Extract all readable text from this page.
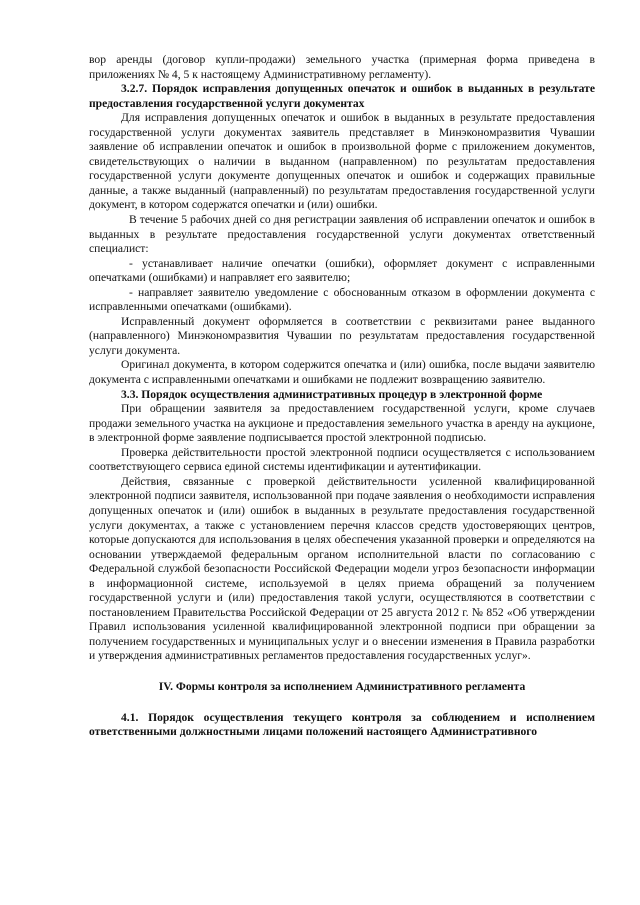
вор аренды (договор купли-продажи) земельного участка (примерная форма приведена в приложениях № 4, 5 к настоящему Административному регламенту).

3.2.7. Порядок исправления допущенных опечаток и ошибок в выданных в результате предоставления государственной услуги документах

Для исправления допущенных опечаток и ошибок в выданных в результате предоставления государственной услуги документах заявитель представляет в Минэкономразвития Чувашии заявление об исправлении опечаток и ошибок в произвольной форме с приложением документов, свидетельствующих о наличии в выданном (направленном) по результатам предоставления государственной услуги документе допущенных опечаток и ошибок и содержащих правильные данные, а также выданный (направленный) по результатам предоставления государственной услуги документ, в котором содержатся опечатки и (или) ошибки.

В течение 5 рабочих дней со дня регистрации заявления об исправлении опечаток и ошибок в выданных в результате предоставления государственной услуги документах ответственный специалист:

- устанавливает наличие опечатки (ошибки), оформляет документ с исправленными опечатками (ошибками) и направляет его заявителю;

- направляет заявителю уведомление с обоснованным отказом в оформлении документа с исправленными опечатками (ошибками).

Исправленный документ оформляется в соответствии с реквизитами ранее выданного (направленного) Минэкономразвития Чувашии по результатам предоставления государственной услуги документа.

Оригинал документа, в котором содержится опечатка и (или) ошибка, после выдачи заявителю документа с исправленными опечатками и ошибками не подлежит возвращению заявителю.

3.3. Порядок осуществления административных процедур в электронной форме

При обращении заявителя за предоставлением государственной услуги, кроме случаев продажи земельного участка на аукционе и предоставления земельного участка в аренду на аукционе, в электронной форме заявление подписывается простой электронной подписью.

Проверка действительности простой электронной подписи осуществляется с использованием соответствующего сервиса единой системы идентификации и аутентификации.

Действия, связанные с проверкой действительности усиленной квалифицированной электронной подписи заявителя, использованной при подаче заявления о необходимости исправления допущенных опечаток и (или) ошибок в выданных в результате предоставления государственной услуги документах, а также с установлением перечня классов средств удостоверяющих центров, которые допускаются для использования в целях обеспечения указанной проверки и определяются на основании утверждаемой федеральным органом исполнительной власти по согласованию с Федеральной службой безопасности Российской Федерации модели угроз безопасности информации в информационной системе, используемой в целях приема обращений за получением государственной услуги и (или) предоставления такой услуги, осуществляются в соответствии с постановлением Правительства Российской Федерации от 25 августа 2012 г. № 852 «Об утверждении Правил использования усиленной квалифицированной электронной подписи при обращении за получением государственных и муниципальных услуг и о внесении изменения в Правила разработки и утверждения административных регламентов предоставления государственных услуг».

IV. Формы контроля за исполнением Административного регламента

4.1. Порядок осуществления текущего контроля за соблюдением и исполнением ответственными должностными лицами положений настоящего Административного
